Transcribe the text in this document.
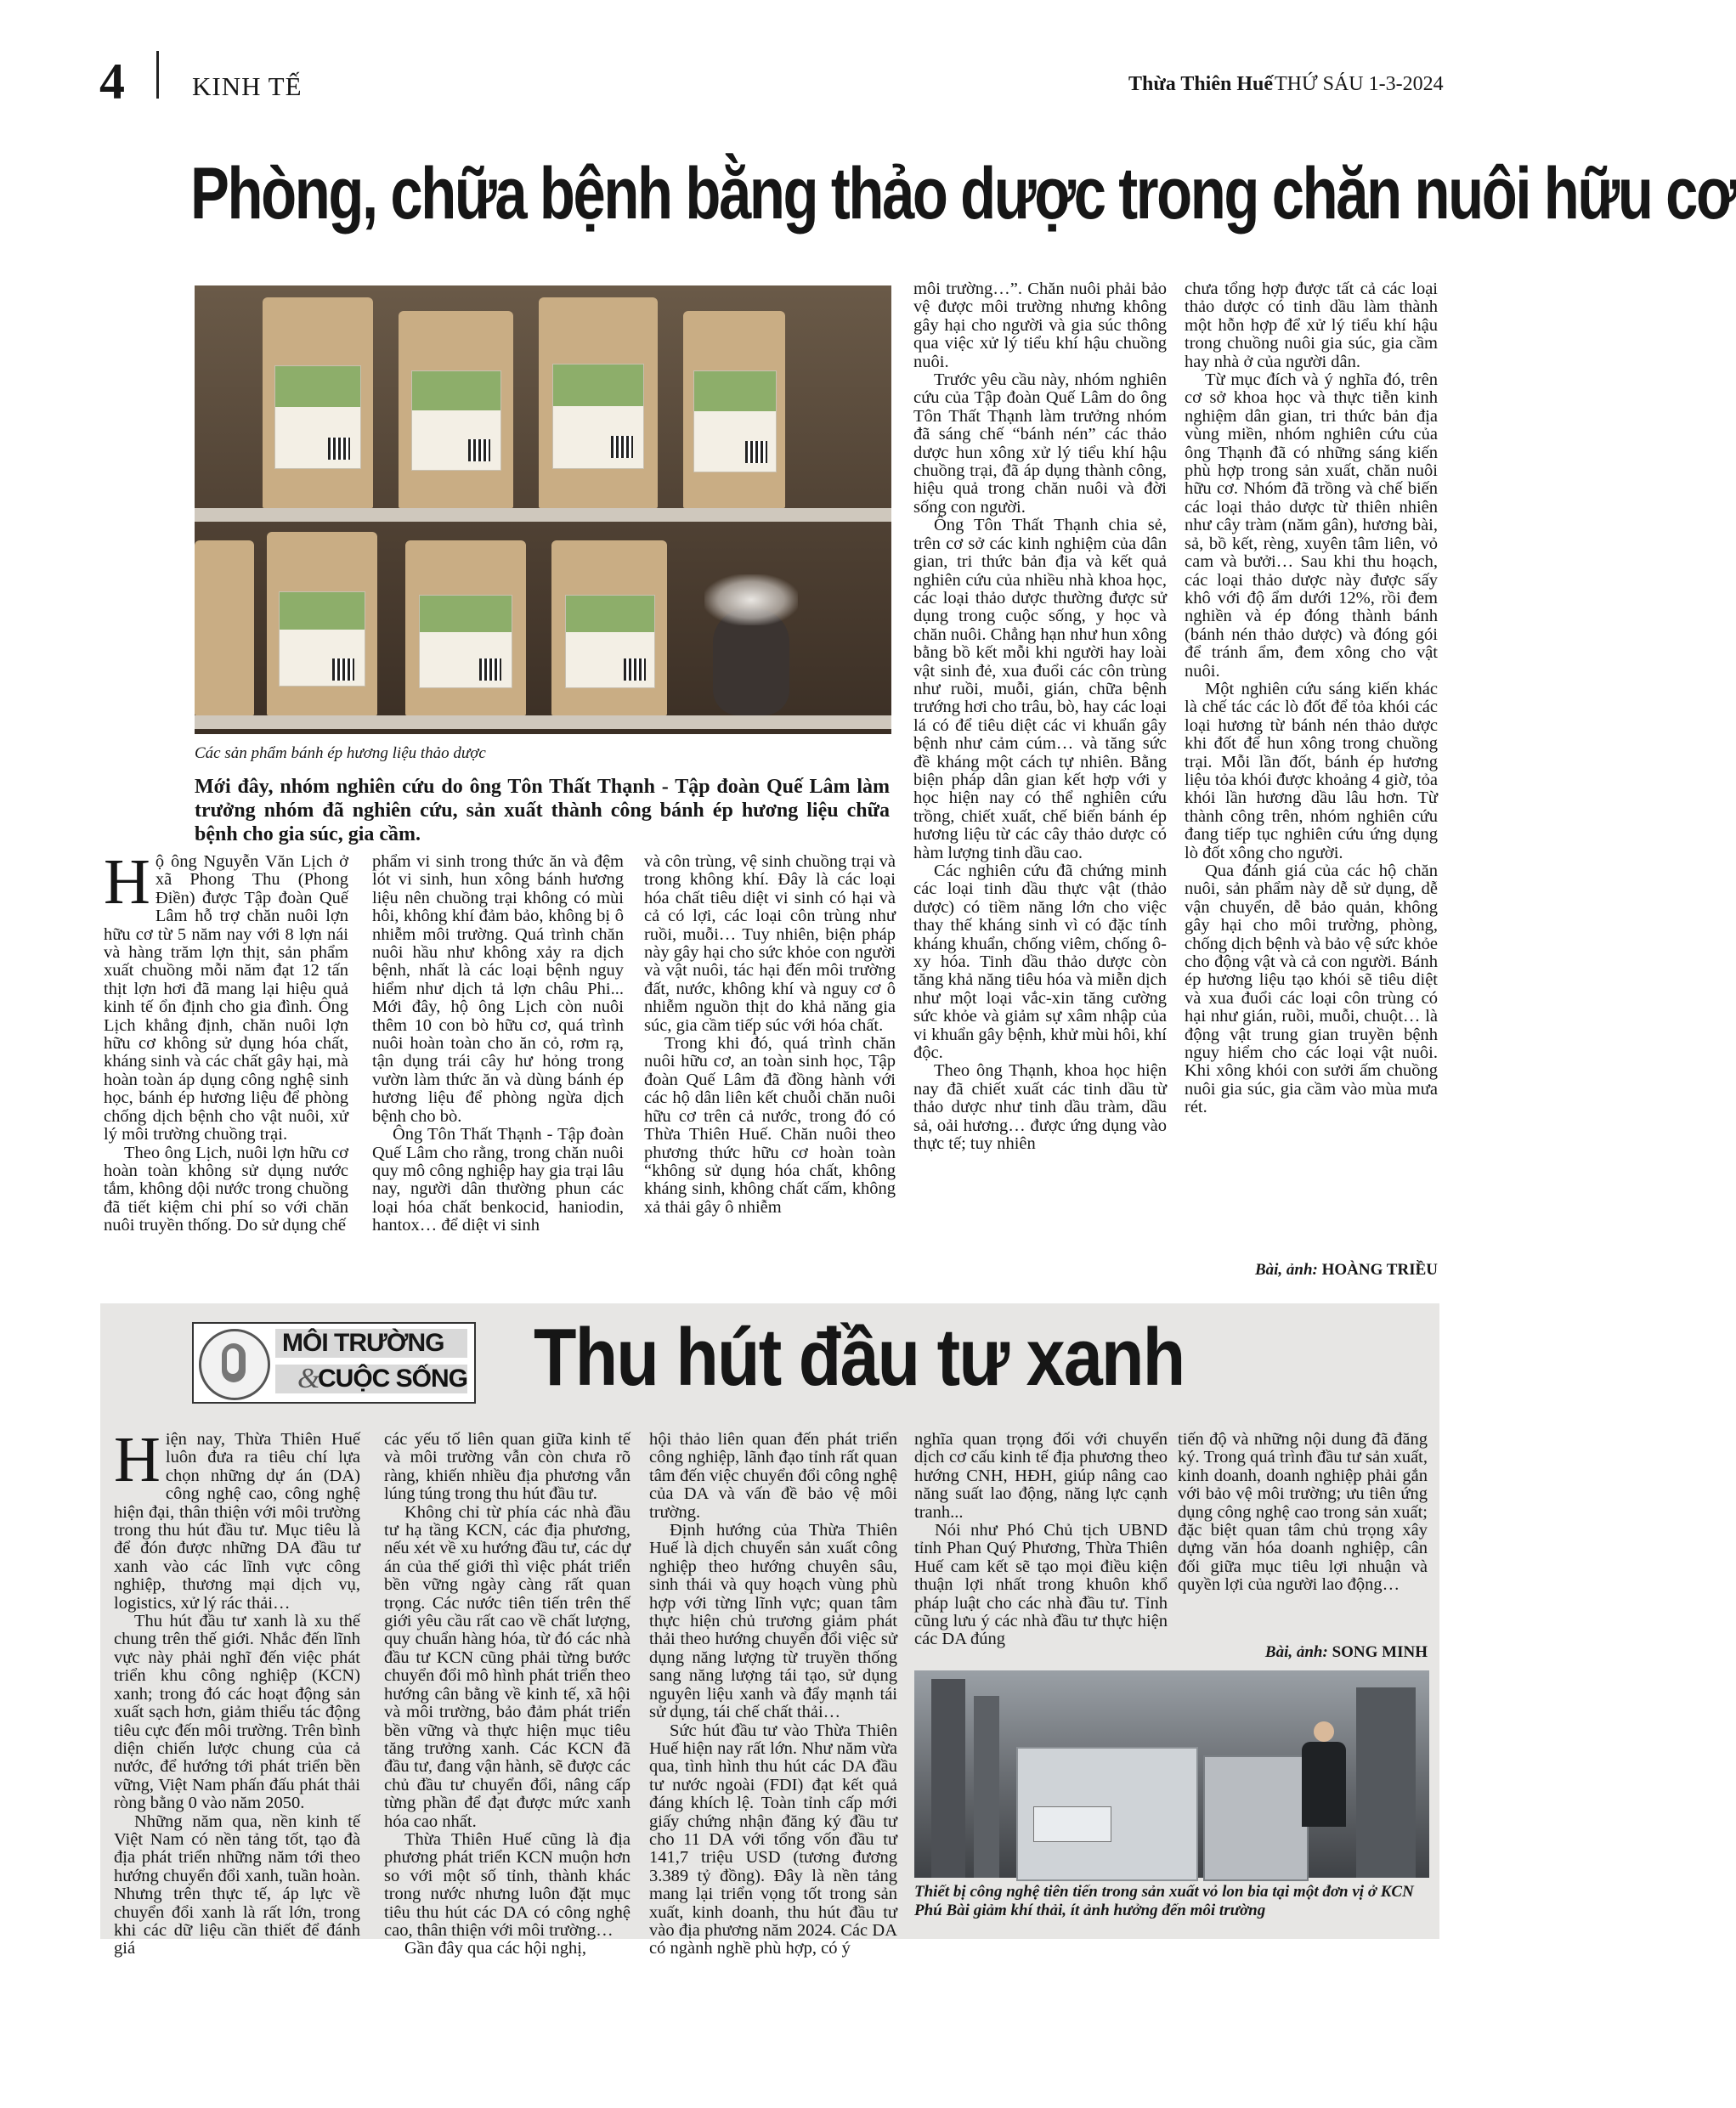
4	KINH TẾ	Thừa Thiên Huế THỨ SÁU 1-3-2024
Phòng, chữa bệnh bằng thảo dược trong chăn nuôi hữu cơ
Các sản phẩm bánh ép hương liệu thảo dược
Mới đây, nhóm nghiên cứu do ông Tôn Thất Thạnh - Tập đoàn Quế Lâm làm trưởng nhóm đã nghiên cứu, sản xuất thành công bánh ép hương liệu chữa bệnh cho gia súc, gia cầm.
H ộ ông Nguyễn Văn Lịch ở xã Phong Thu (Phong Điền) được Tập đoàn Quế Lâm hỗ trợ chăn nuôi lợn hữu cơ từ 5 năm nay với 8 lợn nái và hàng trăm lợn thịt, sản phẩm xuất chuồng mỗi năm đạt 12 tấn thịt lợn hơi đã mang lại hiệu quả kinh tế ổn định cho gia đình. Ông Lịch khẳng định, chăn nuôi lợn hữu cơ không sử dụng hóa chất, kháng sinh và các chất gây hại, mà hoàn toàn áp dụng công nghệ sinh học, bánh ép hương liệu để phòng chống dịch bệnh cho vật nuôi, xử lý môi trường chuồng trại.

Theo ông Lịch, nuôi lợn hữu cơ hoàn toàn không sử dụng nước tắm, không dội nước trong chuồng đã tiết kiệm chi phí so với chăn nuôi truyền thống. Do sử dụng chế

phẩm vi sinh trong thức ăn và đệm lót vi sinh, hun xông bánh hương liệu nên chuồng trại không có mùi hôi, không khí đảm bảo, không bị ô nhiễm môi trường. Quá trình chăn nuôi hầu như không xảy ra dịch bệnh, nhất là các loại bệnh nguy hiểm như dịch tả lợn châu Phi... Mới đây, hộ ông Lịch còn nuôi thêm 10 con bò hữu cơ, quá trình nuôi hoàn toàn cho ăn cỏ, rơm rạ, tận dụng trái cây hư hỏng trong vườn làm thức ăn và dùng bánh ép hương liệu để phòng ngừa dịch bệnh cho bò.

Ông Tôn Thất Thạnh - Tập đoàn Quế Lâm cho rằng, trong chăn nuôi quy mô công nghiệp hay gia trại lâu nay, người dân thường phun các loại hóa chất benkocid, haniodin, hantox… để diệt vi sinh

và côn trùng, vệ sinh chuồng trại và trong không khí. Đây là các loại hóa chất tiêu diệt vi sinh có hại và cả có lợi, các loại côn trùng như ruồi, muỗi… Tuy nhiên, biện pháp này gây hại cho sức khỏe con người và vật nuôi, tác hại đến môi trường đất, nước, không khí và nguy cơ ô nhiễm nguồn thịt do khả năng gia súc, gia cầm tiếp súc với hóa chất.

Trong khi đó, quá trình chăn nuôi hữu cơ, an toàn sinh học, Tập đoàn Quế Lâm đã đồng hành với các hộ dân liên kết chuỗi chăn nuôi hữu cơ trên cả nước, trong đó có Thừa Thiên Huế. Chăn nuôi theo phương thức hữu cơ hoàn toàn “không sử dụng hóa chất, không kháng sinh, không chất cấm, không xả thải gây ô nhiễm

môi trường…”. Chăn nuôi phải bảo vệ được môi trường nhưng không gây hại cho người và gia súc thông qua việc xử lý tiểu khí hậu chuồng nuôi.

Trước yêu cầu này, nhóm nghiên cứu của Tập đoàn Quế Lâm do ông Tôn Thất Thạnh làm trưởng nhóm đã sáng chế “bánh nén” các thảo dược hun xông xử lý tiểu khí hậu chuồng trại, đã áp dụng thành công, hiệu quả trong chăn nuôi và đời sống con người.

Ông Tôn Thất Thạnh chia sẻ, trên cơ sở các kinh nghiệm của dân gian, tri thức bản địa và kết quả nghiên cứu của nhiều nhà khoa học, các loại thảo dược thường được sử dụng trong cuộc sống, y học và chăn nuôi. Chẳng hạn như hun xông bằng bồ kết mỗi khi người hay loài vật sinh đẻ, xua đuổi các côn trùng như ruồi, muỗi, gián, chữa bệnh trướng hơi cho trâu, bò, hay các loại lá có để tiêu diệt các vi khuẩn gây bệnh như cảm cúm… và tăng sức đề kháng một cách tự nhiên. Bằng biện pháp dân gian kết hợp với y học hiện nay có thể nghiên cứu trồng, chiết xuất, chế biến bánh ép hương liệu từ các cây thảo dược có hàm lượng tinh dầu cao.

Các nghiên cứu đã chứng minh các loại tinh dầu thực vật (thảo dược) có tiềm năng lớn cho việc thay thế kháng sinh vì có đặc tính kháng khuẩn, chống viêm, chống ô-xy hóa. Tinh dầu thảo dược còn tăng khả năng tiêu hóa và miễn dịch như một loại vắc-xin tăng cường sức khỏe và giảm sự xâm nhập của vi khuẩn gây bệnh, khử mùi hôi, khí độc.

Theo ông Thạnh, khoa học hiện nay đã chiết xuất các tinh dầu từ thảo dược như tinh dầu tràm, dầu sả, oải hương… được ứng dụng vào thực tế; tuy nhiên

chưa tổng hợp được tất cả các loại thảo dược có tinh dầu làm thành một hỗn hợp để xử lý tiểu khí hậu trong chuồng nuôi gia súc, gia cầm hay nhà ở của người dân.

Từ mục đích và ý nghĩa đó, trên cơ sở khoa học và thực tiễn kinh nghiệm dân gian, tri thức bản địa vùng miền, nhóm nghiên cứu của ông Thạnh đã có những sáng kiến phù hợp trong sản xuất, chăn nuôi hữu cơ. Nhóm đã trồng và chế biến các loại thảo dược từ thiên nhiên như cây tràm (năm gân), hương bài, sả, bồ kết, rèng, xuyên tâm liên, vỏ cam và bưởi… Sau khi thu hoạch, các loại thảo dược này được sấy khô với độ ẩm dưới 12%, rồi đem nghiền và ép đóng thành bánh (bánh nén thảo dược) và đóng gói để tránh ẩm, đem xông cho vật nuôi.

Một nghiên cứu sáng kiến khác là chế tác các lò đốt để tỏa khói các loại hương từ bánh nén thảo dược khi đốt để hun xông trong chuồng trại. Mỗi lần đốt, bánh ép hương liệu tỏa khói được khoảng 4 giờ, tỏa khói lần hương dầu lâu hơn. Từ thành công trên, nhóm nghiên cứu đang tiếp tục nghiên cứu ứng dụng lò đốt xông cho người.

Qua đánh giá của các hộ chăn nuôi, sản phẩm này dễ sử dụng, dễ vận chuyển, dễ bảo quản, không gây hại cho môi trường, phòng, chống dịch bệnh và bảo vệ sức khỏe cho động vật và cả con người. Bánh ép hương liệu tạo khói sẽ tiêu diệt và xua đuổi các loại côn trùng có hại như gián, ruồi, muỗi, chuột… là động vật trung gian truyền bệnh nguy hiểm cho các loại vật nuôi. Khi xông khói con sưởi ấm chuồng nuôi gia súc, gia cầm vào mùa mưa rét.

Bài, ảnh: HOÀNG TRIỀU
MÔI TRƯỜNG
&
CUỘC SỐNG Thu hút đầu tư xanh
H iện nay, Thừa Thiên Huế luôn đưa ra tiêu chí lựa chọn những dự án (DA) công nghệ cao, công nghệ hiện đại, thân thiện với môi trường trong thu hút đầu tư. Mục tiêu là để đón được những DA đầu tư xanh vào các lĩnh vực công nghiệp, thương mại dịch vụ, logistics, xử lý rác thải…

Thu hút đầu tư xanh là xu thế chung trên thế giới. Nhắc đến lĩnh vực này phải nghĩ đến việc phát triển khu công nghiệp (KCN) xanh; trong đó các hoạt động sản xuất sạch hơn, giảm thiểu tác động tiêu cực đến môi trường. Trên bình diện chiến lược chung của cả nước, để hướng tới phát triển bền vững, Việt Nam phấn đấu phát thải ròng bằng 0 vào năm 2050.

Những năm qua, nền kinh tế Việt Nam có nền tảng tốt, tạo đà địa phát triển những năm tới theo hướng chuyển đổi xanh, tuần hoàn. Nhưng trên thực tế, áp lực về chuyển đổi xanh là rất lớn, trong khi các dữ liệu cần thiết để đánh giá

các yếu tố liên quan giữa kinh tế và môi trường vẫn còn chưa rõ ràng, khiến nhiều địa phương vẫn lúng túng trong thu hút đầu tư.

Không chỉ từ phía các nhà đầu tư hạ tầng KCN, các địa phương, nếu xét về xu hướng đầu tư, các dự án của thế giới thì việc phát triển bền vững ngày càng rất quan trọng. Các nước tiên tiến trên thế giới yêu cầu rất cao về chất lượng, quy chuẩn hàng hóa, từ đó các nhà đầu tư KCN cũng phải từng bước chuyển đổi mô hình phát triển theo hướng cân bằng về kinh tế, xã hội và môi trường, bảo đảm phát triển bền vững và thực hiện mục tiêu tăng trưởng xanh. Các KCN đã đầu tư, đang vận hành, sẽ được các chủ đầu tư chuyển đổi, nâng cấp từng phần để đạt được mức xanh hóa cao nhất.

Thừa Thiên Huế cũng là địa phương phát triển KCN muộn hơn so với một số tỉnh, thành khác trong nước nhưng luôn đặt mục tiêu thu hút các DA có công nghệ cao, thân thiện với môi trường…

Gần đây qua các hội nghị,

hội thảo liên quan đến phát triển công nghiệp, lãnh đạo tỉnh rất quan tâm đến việc chuyển đổi công nghệ của DA và vấn đề bảo vệ môi trường.

Định hướng của Thừa Thiên Huế là dịch chuyển sản xuất công nghiệp theo hướng chuyên sâu, sinh thái và quy hoạch vùng phù hợp với từng lĩnh vực; quan tâm thực hiện chủ trương giảm phát thải theo hướng chuyển đổi việc sử dụng năng lượng từ truyền thống sang năng lượng tái tạo, sử dụng nguyên liệu xanh và đẩy mạnh tái sử dụng, tái chế chất thải…

Sức hút đầu tư vào Thừa Thiên Huế hiện nay rất lớn. Như năm vừa qua, tình hình thu hút các DA đầu tư nước ngoài (FDI) đạt kết quả đáng khích lệ. Toàn tỉnh cấp mới giấy chứng nhận đăng ký đầu tư cho 11 DA với tổng vốn đầu tư 141,7 triệu USD (tương đương 3.389 tỷ đồng). Đây là nền tảng mang lại triển vọng tốt trong sản xuất, kinh doanh, thu hút đầu tư vào địa phương năm 2024. Các DA có ngành nghề phù hợp, có ý

nghĩa quan trọng đối với chuyển dịch cơ cấu kinh tế địa phương theo hướng CNH, HĐH, giúp nâng cao năng suất lao động, năng lực cạnh tranh...

Nói như Phó Chủ tịch UBND tỉnh Phan Quý Phương, Thừa Thiên Huế cam kết sẽ tạo mọi điều kiện thuận lợi nhất trong khuôn khổ pháp luật cho các nhà đầu tư. Tỉnh cũng lưu ý các nhà đầu tư thực hiện các DA đúng

tiến độ và những nội dung đã đăng ký. Trong quá trình đầu tư sản xuất, kinh doanh, doanh nghiệp phải gắn với bảo vệ môi trường; ưu tiên ứng dụng công nghệ cao trong sản xuất; đặc biệt quan tâm chủ trọng xây dựng văn hóa doanh nghiệp, cân đối giữa mục tiêu lợi nhuận và quyền lợi của người lao động…

Bài, ảnh: SONG MINH
Thiết bị công nghệ tiên tiến trong sản xuất vỏ lon bia tại một đơn vị ở KCN Phú Bài giảm khí thải, ít ảnh hưởng đến môi trường
